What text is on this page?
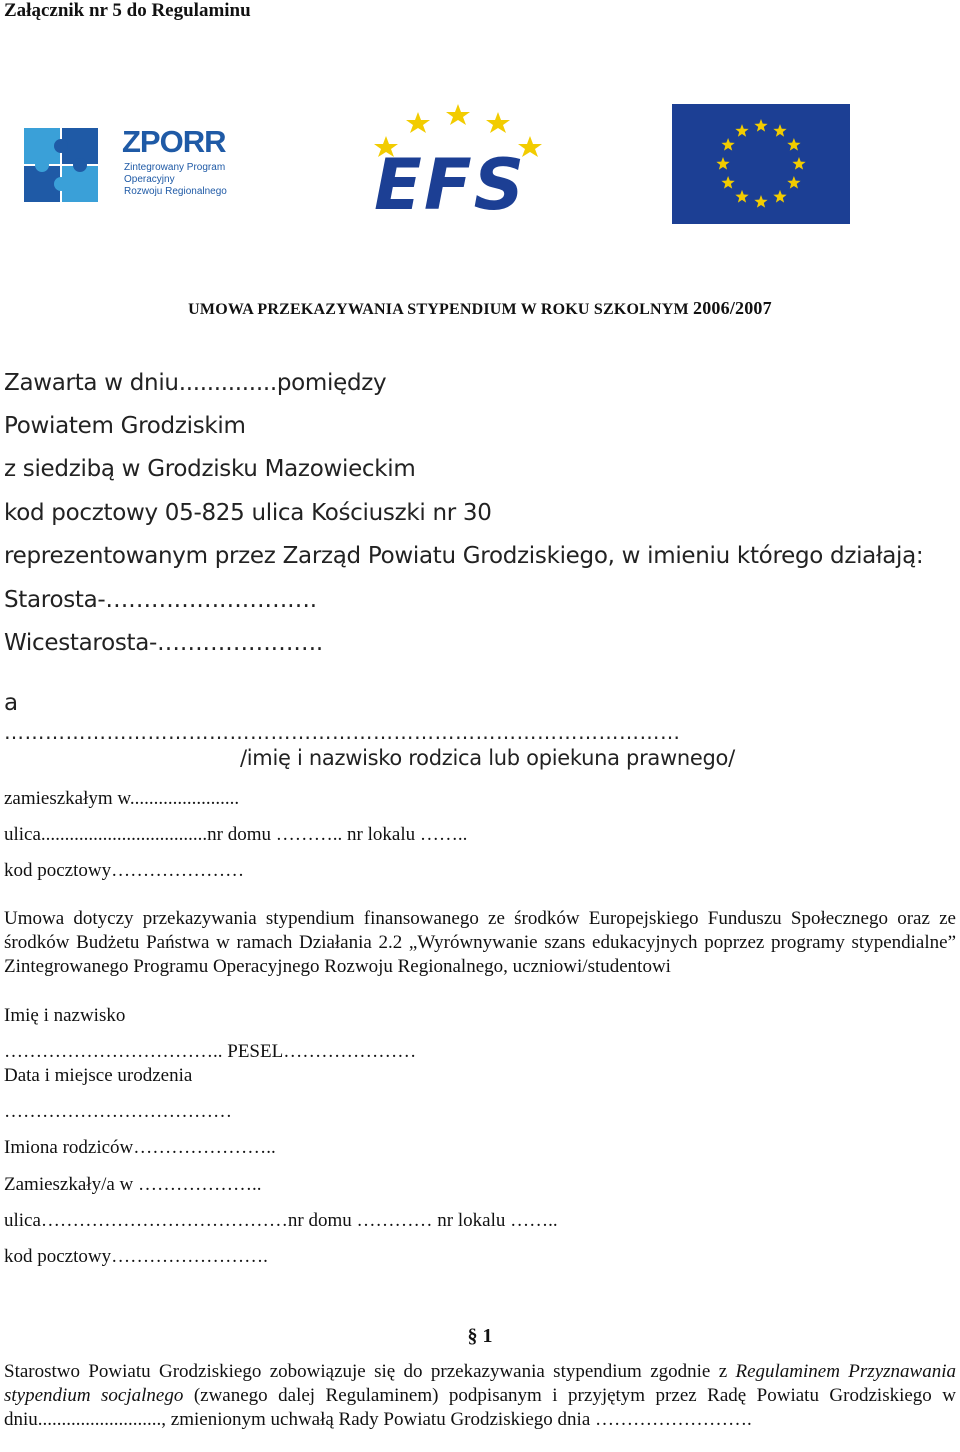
Załącznik nr 5 do Regulaminu
ZPORR
Zintegrowany Program
Operacyjny
Rozwoju Regionalnego EFS
UMOWA PRZEKAZYWANIA STYPENDIUM W ROKU SZKOLNYM 2006/2007
Zawarta w dniu..............pomiędzy
Powiatem Grodziskim
z siedzibą w Grodzisku Mazowieckim
kod pocztowy 05-825 ulica Kościuszki nr 30
reprezentowanym przez Zarząd Powiatu Grodziskiego, w imieniu którego działają:
Starosta-……………………….
Wicestarosta-………………….
a
………………………………………………………………………………………
/imię i nazwisko rodzica lub opiekuna prawnego/
zamieszkałym w.......................
ulica...................................nr domu ……….. nr lokalu ……..
kod pocztowy…………………
Umowa dotyczy przekazywania stypendium finansowanego ze środków Europejskiego Funduszu Społecznego oraz ze środków Budżetu Państwa w ramach Działania 2.2 „Wyrównywanie szans edukacyjnych poprzez programy stypendialne” Zintegrowanego Programu Operacyjnego Rozwoju Regionalnego, uczniowi/studentowi
Imię i nazwisko
…………………………….. PESEL…………………
Data i miejsce urodzenia
………………………………
Imiona rodziców…………………..
Zamieszkały/a w ………………..
ulica…………………………………nr domu ………… nr lokalu ……..
kod pocztowy…………………….
§ 1
Starostwo Powiatu Grodziskiego zobowiązuje się do przekazywania stypendium zgodnie z Regulaminem Przyznawania stypendium socjalnego (zwanego dalej Regulaminem) podpisanym i przyjętym przez Radę Powiatu Grodziskiego w dniu.........................., zmienionym uchwałą Rady Powiatu Grodziskiego dnia …………………….
